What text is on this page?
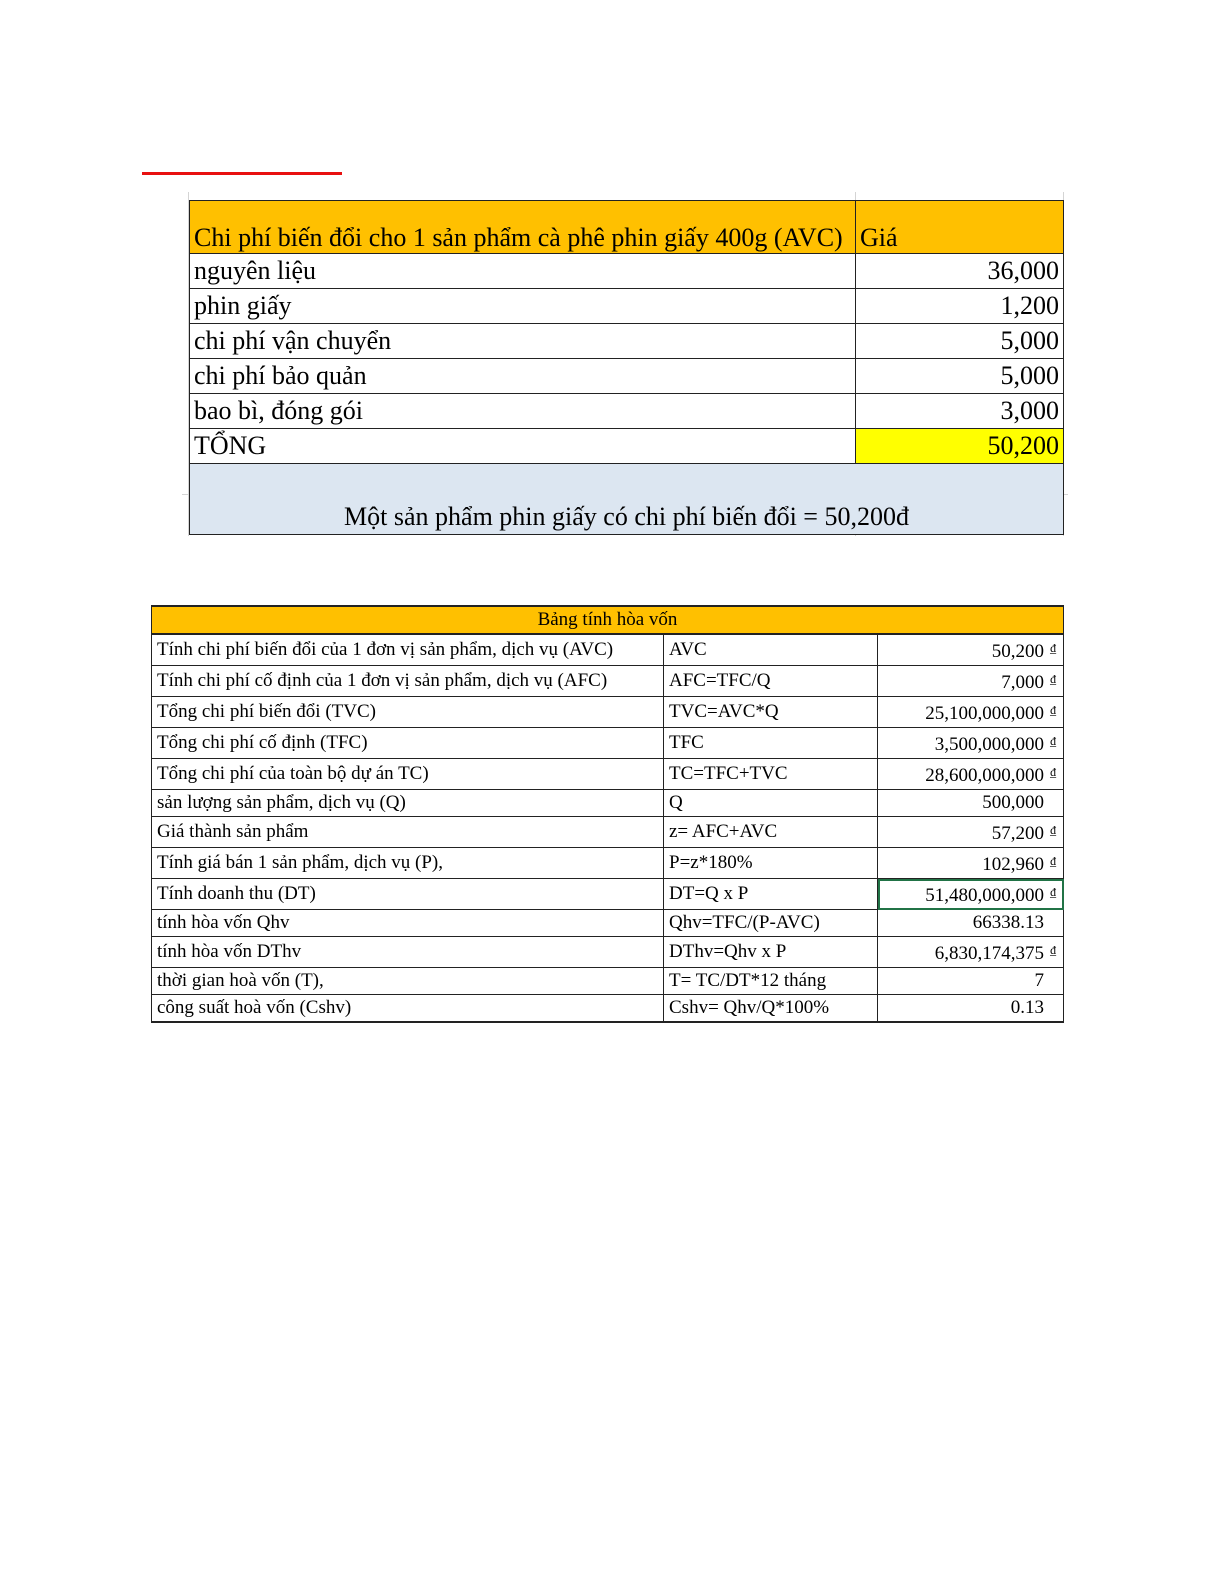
Chi phí biến đổi cho 1 sản phẩm cà phê phin giấy 400g (AVC)	Giá
nguyên liệu	36,000
phin giấy	1,200
chi phí vận chuyển	5,000
chi phí bảo quản	5,000
bao bì, đóng gói	3,000
TỔNG	50,200
Một sản phẩm phin giấy có chi phí biến đổi = 50,200đ	
Bảng tính hòa vốn		
Tính chi phí biến đổi của 1 đơn vị sản phẩm, dịch vụ (AVC)	AVC	50,200 ₫
Tính chi phí cố định của 1 đơn vị sản phẩm, dịch vụ (AFC)	AFC=TFC/Q	7,000 ₫
Tổng chi phí biến đổi (TVC)	TVC=AVC*Q	25,100,000,000 ₫
Tổng chi phí cố định (TFC)	TFC	3,500,000,000 ₫
Tổng chi phí của toàn bộ dự án TC)	TC=TFC+TVC	28,600,000,000 ₫
sản lượng sản phẩm, dịch vụ (Q)	Q	500,000
Giá thành sản phẩm	z= AFC+AVC	57,200 ₫
Tính giá bán 1 sản phẩm, dịch vụ (P),	P=z*180%	102,960 ₫
Tính doanh thu (DT)	DT=Q x P	51,480,000,000 ₫
tính hòa vốn Qhv	Qhv=TFC/(P-AVC)	66338.13
tính hòa vốn DThv	DThv=Qhv x P	6,830,174,375 ₫
thời gian hoà vốn (T),	T= TC/DT*12 tháng	7
công suất hoà vốn (Cshv)	Cshv= Qhv/Q*100%	0.13
